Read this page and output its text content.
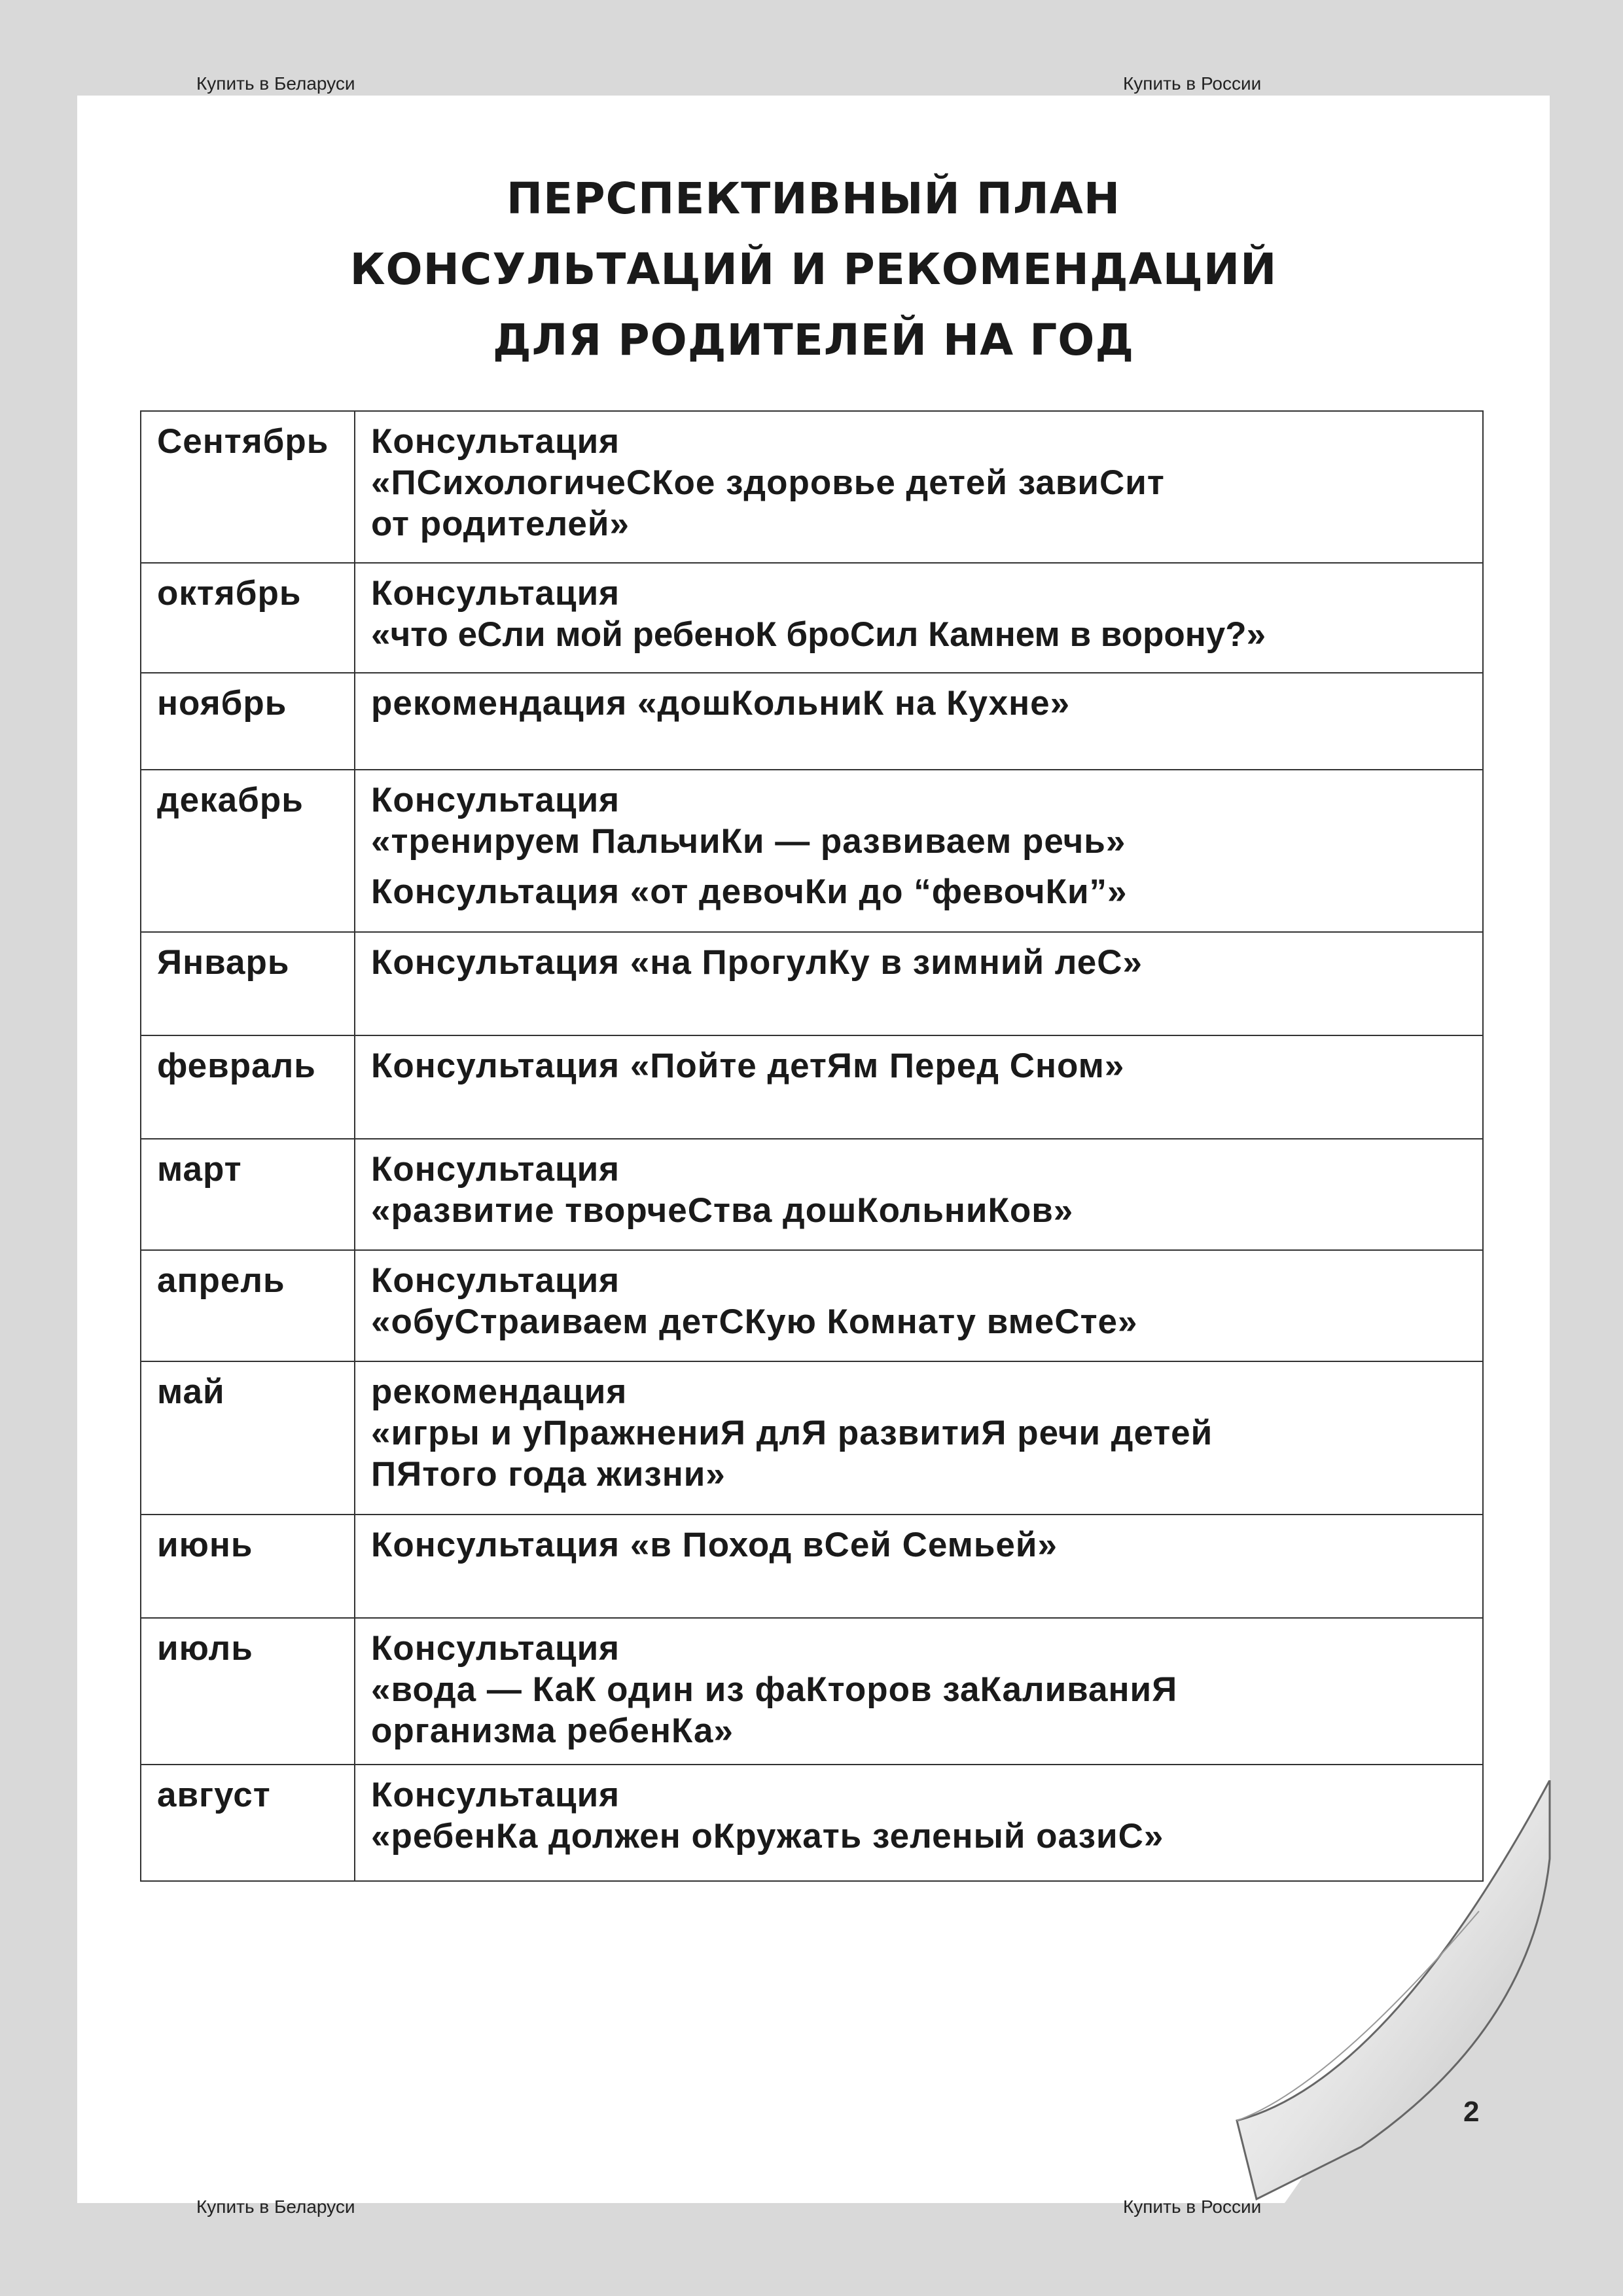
Купить в Беларуси	Купить в России
ПЕРСПЕКТИВНЫЙ ПЛАН
КОНСУЛЬТАЦИЙ И РЕКОМЕНДАЦИЙ
ДЛЯ РОДИТЕЛЕЙ НА ГОД
Сентябрь	Консультация
«ПСихологичеСКое здоровье детей завиСит
от родителей»

октябрь	Консультация
«что еСли мой ребеноК броСил Камнем в ворону?»

ноябрь	рекомендация «дошКольниК на Кухне»

декабрь	Консультация
«тренируем ПальчиКи — развиваем речь»
Консультация «от девочКи до “февочКи”»

Январь	Консультация «на ПрогулКу в зимний леС»

февраль	Консультация «Пойте детЯм Перед Сном»

март	Консультация
«развитие творчеСтва дошКольниКов»

апрель	Консультация
«обуСтраиваем детСКую Комнату вмеСте»

май	рекомендация
«игры и уПражнениЯ длЯ развитиЯ речи детей
ПЯтого года жизни»

июнь	Консультация «в Поход вСей Семьей»

июль	Консультация
«вода — КаК один из фаКторов заКаливаниЯ
организма ребенКа»

август	Консультация
«ребенКа должен оКружать зеленый оазиС»
2
Купить в Беларуси	Купить в России
